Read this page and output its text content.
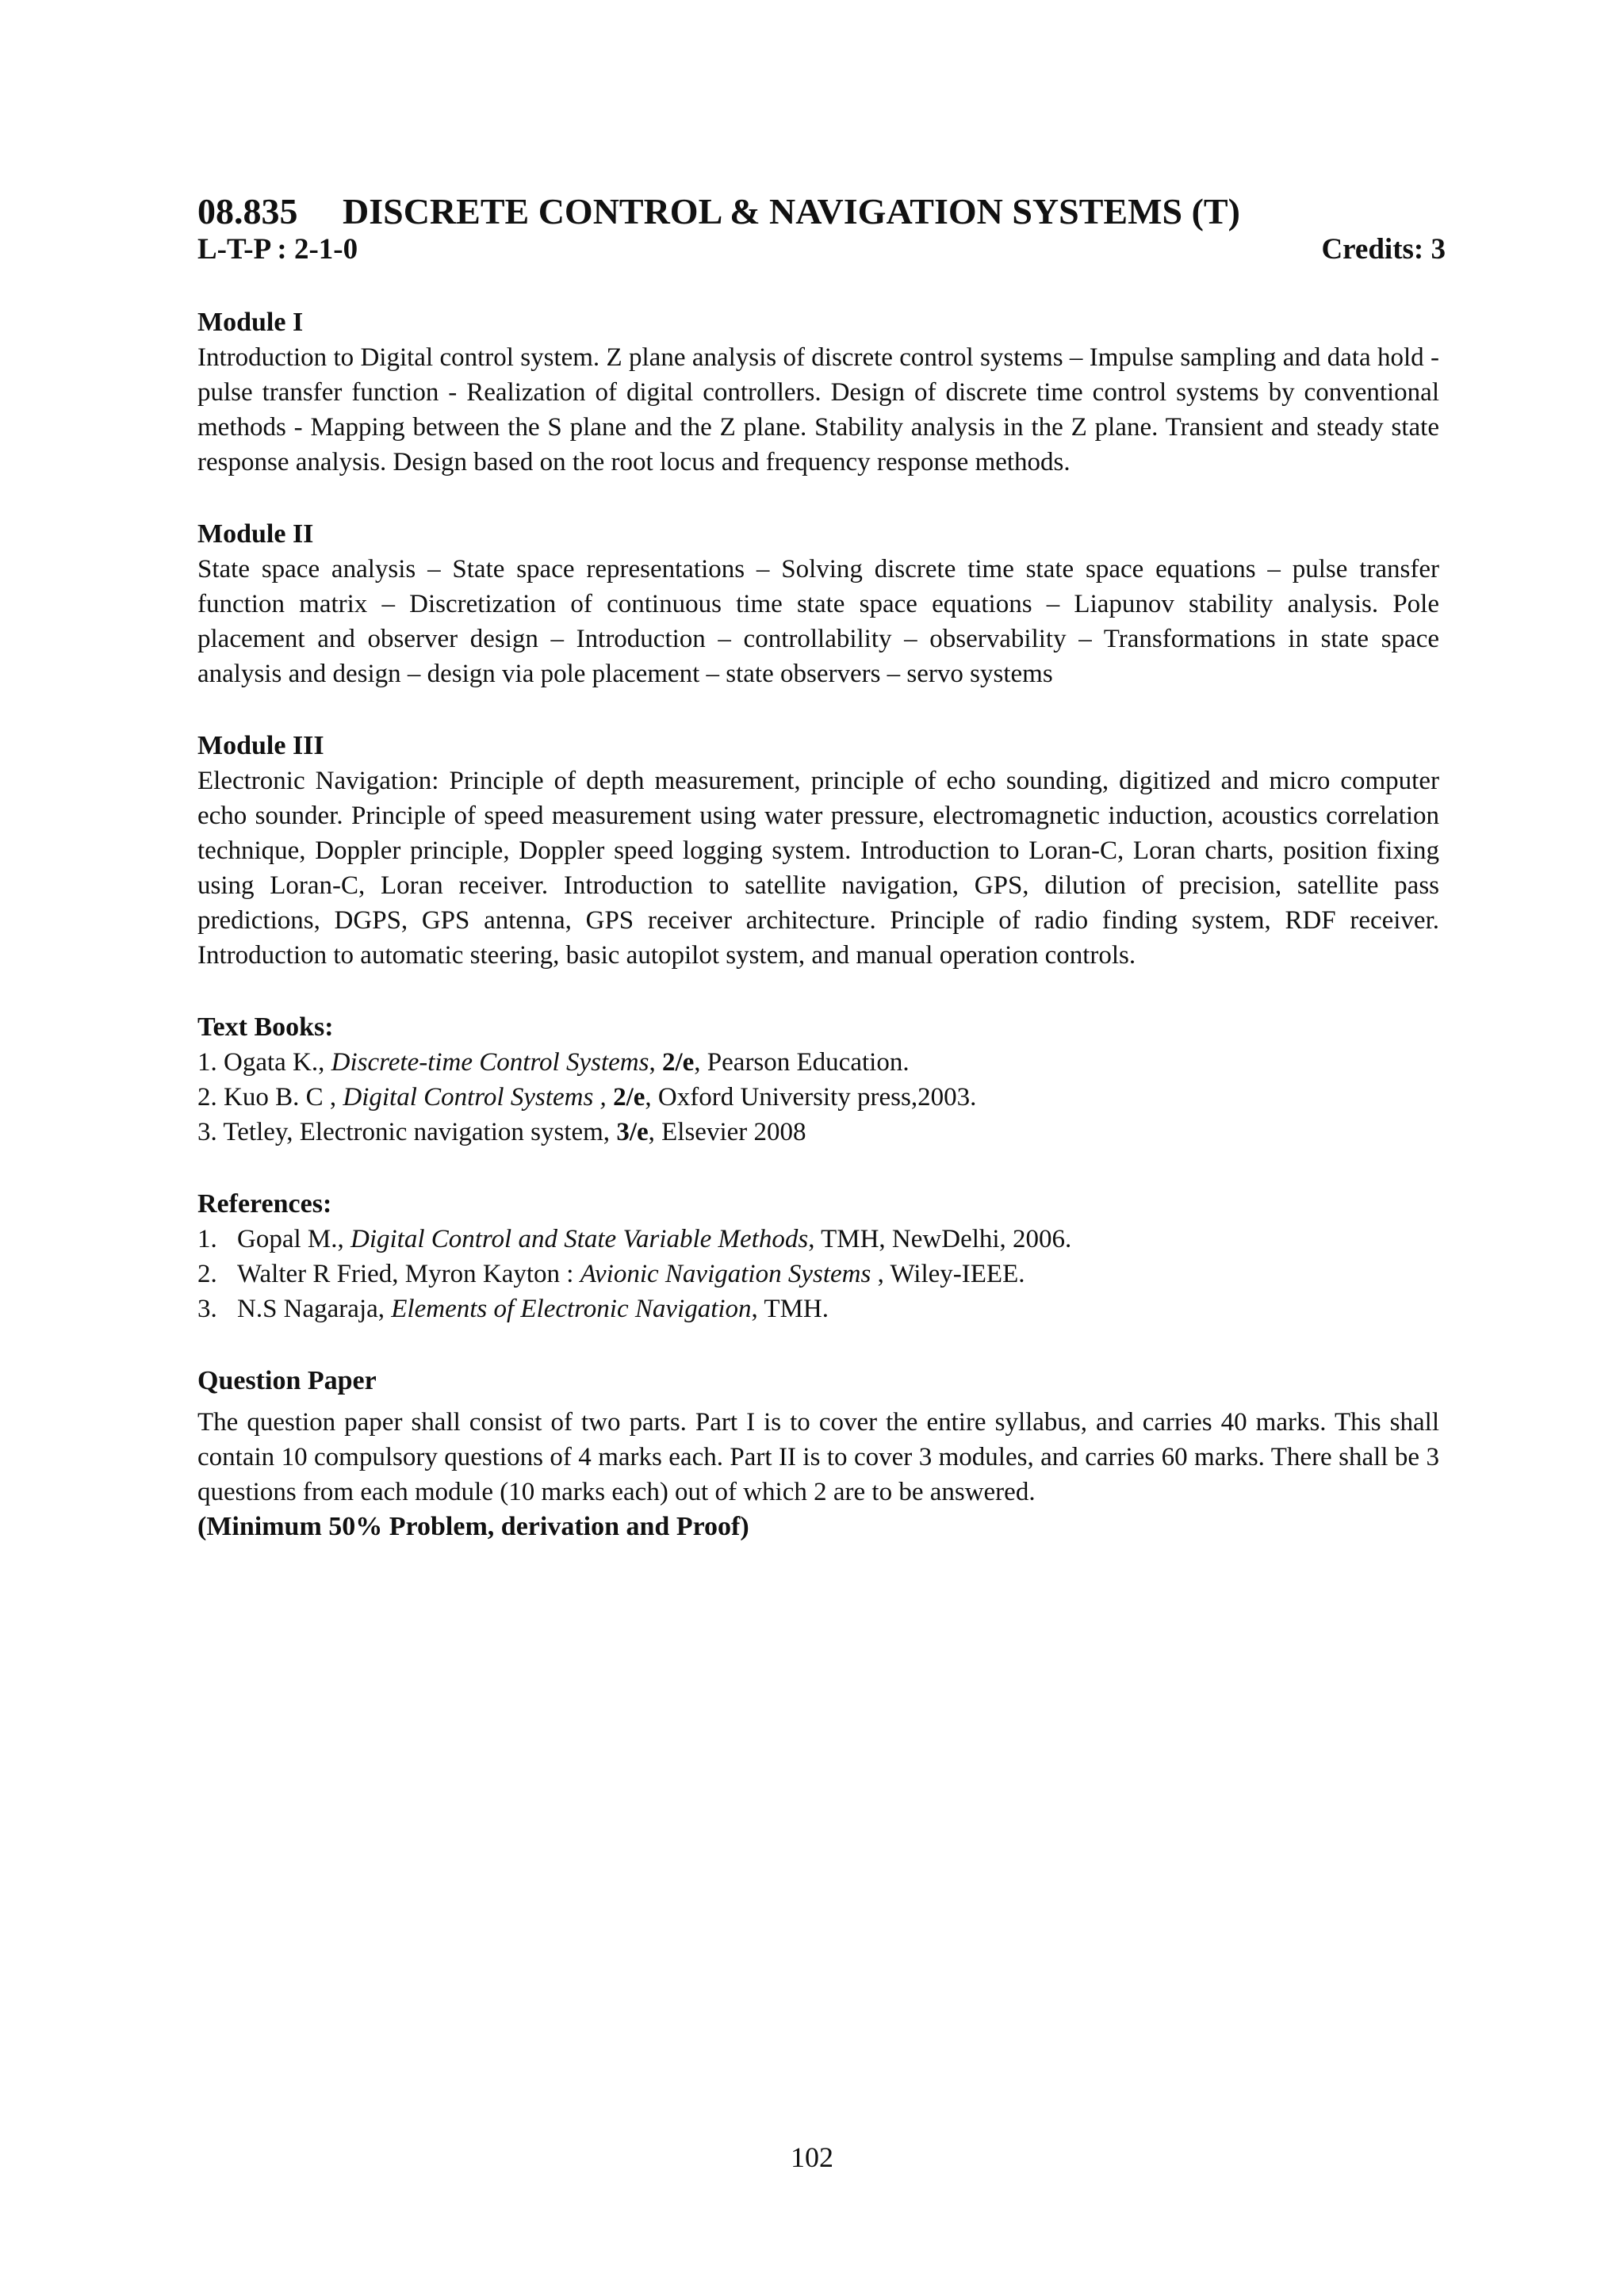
08.835 DISCRETE CONTROL & NAVIGATION SYSTEMS (T)
L-T-P : 2-1-0	Credits: 3
Module I

Introduction to Digital control system. Z plane analysis of discrete control systems – Impulse sampling and data hold - pulse transfer function - Realization of digital controllers. Design of discrete time control systems by conventional methods - Mapping between the S plane and the Z plane. Stability analysis in the Z plane. Transient and steady state response analysis. Design based on the root locus and frequency response methods.

Module II

State space analysis – State space representations – Solving discrete time state space equations – pulse transfer function matrix – Discretization of continuous time state space equations – Liapunov stability analysis. Pole placement and observer design – Introduction – controllability – observability – Transformations in state space analysis and design – design via pole placement – state observers – servo systems

Module III

Electronic Navigation: Principle of depth measurement, principle of echo sounding, digitized and micro computer echo sounder. Principle of speed measurement using water pressure, electromagnetic induction, acoustics correlation technique, Doppler principle, Doppler speed logging system. Introduction to Loran-C, Loran charts, position fixing using Loran-C, Loran receiver. Introduction to satellite navigation, GPS, dilution of precision, satellite pass predictions, DGPS, GPS antenna, GPS receiver architecture. Principle of radio finding system, RDF receiver. Introduction to automatic steering, basic autopilot system, and manual operation controls.

Text Books:
1. Ogata K., Discrete-time Control Systems, 2/e, Pearson Education.
2. Kuo B. C , Digital Control Systems , 2/e, Oxford University press,2003.
3. Tetley, Electronic navigation system, 3/e, Elsevier 2008
References:
1. Gopal M., Digital Control and State Variable Methods, TMH, NewDelhi, 2006.
2. Walter R Fried, Myron Kayton : Avionic Navigation Systems , Wiley-IEEE.
3. N.S Nagaraja, Elements of Electronic Navigation, TMH.
Question Paper

The question paper shall consist of two parts. Part I is to cover the entire syllabus, and carries 40 marks. This shall contain 10 compulsory questions of 4 marks each. Part II is to cover 3 modules, and carries 60 marks. There shall be 3 questions from each module (10 marks each) out of which 2 are to be answered.

(Minimum 50% Problem, derivation and Proof)

102
